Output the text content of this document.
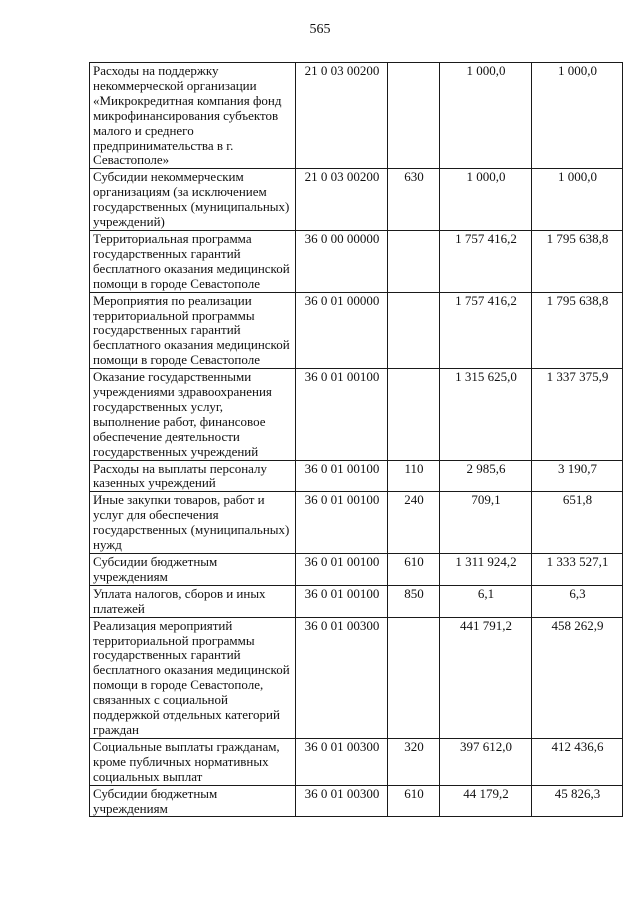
565
Расходы на поддержку некоммерческой организации «Микрокредитная компания фонд микрофинансирования субъектов малого и среднего предпринимательства в г. Севастополе»	21 0 03 00200		1 000,0	1 000,0
Субсидии некоммерческим организациям (за исключением государственных (муниципальных) учреждений)	21 0 03 00200	630	1 000,0	1 000,0
Территориальная программа государственных гарантий бесплатного оказания медицинской помощи в городе Севастополе	36 0 00 00000		1 757 416,2	1 795 638,8
Мероприятия по реализации территориальной программы государственных гарантий бесплатного оказания медицинской помощи в городе Севастополе	36 0 01 00000		1 757 416,2	1 795 638,8
Оказание государственными учреждениями здравоохранения государственных услуг, выполнение работ, финансовое обеспечение деятельности государственных учреждений	36 0 01 00100		1 315 625,0	1 337 375,9
Расходы на выплаты персоналу казенных учреждений	36 0 01 00100	110	2 985,6	3 190,7
Иные закупки товаров, работ и услуг для обеспечения государственных (муниципальных) нужд	36 0 01 00100	240	709,1	651,8
Субсидии бюджетным учреждениям	36 0 01 00100	610	1 311 924,2	1 333 527,1
Уплата налогов, сборов и иных платежей	36 0 01 00100	850	6,1	6,3
Реализация мероприятий территориальной программы государственных гарантий бесплатного оказания медицинской помощи в городе Севастополе, связанных с социальной поддержкой отдельных категорий граждан	36 0 01 00300		441 791,2	458 262,9
Социальные выплаты гражданам, кроме публичных нормативных социальных выплат	36 0 01 00300	320	397 612,0	412 436,6
Субсидии бюджетным учреждениям	36 0 01 00300	610	44 179,2	45 826,3
